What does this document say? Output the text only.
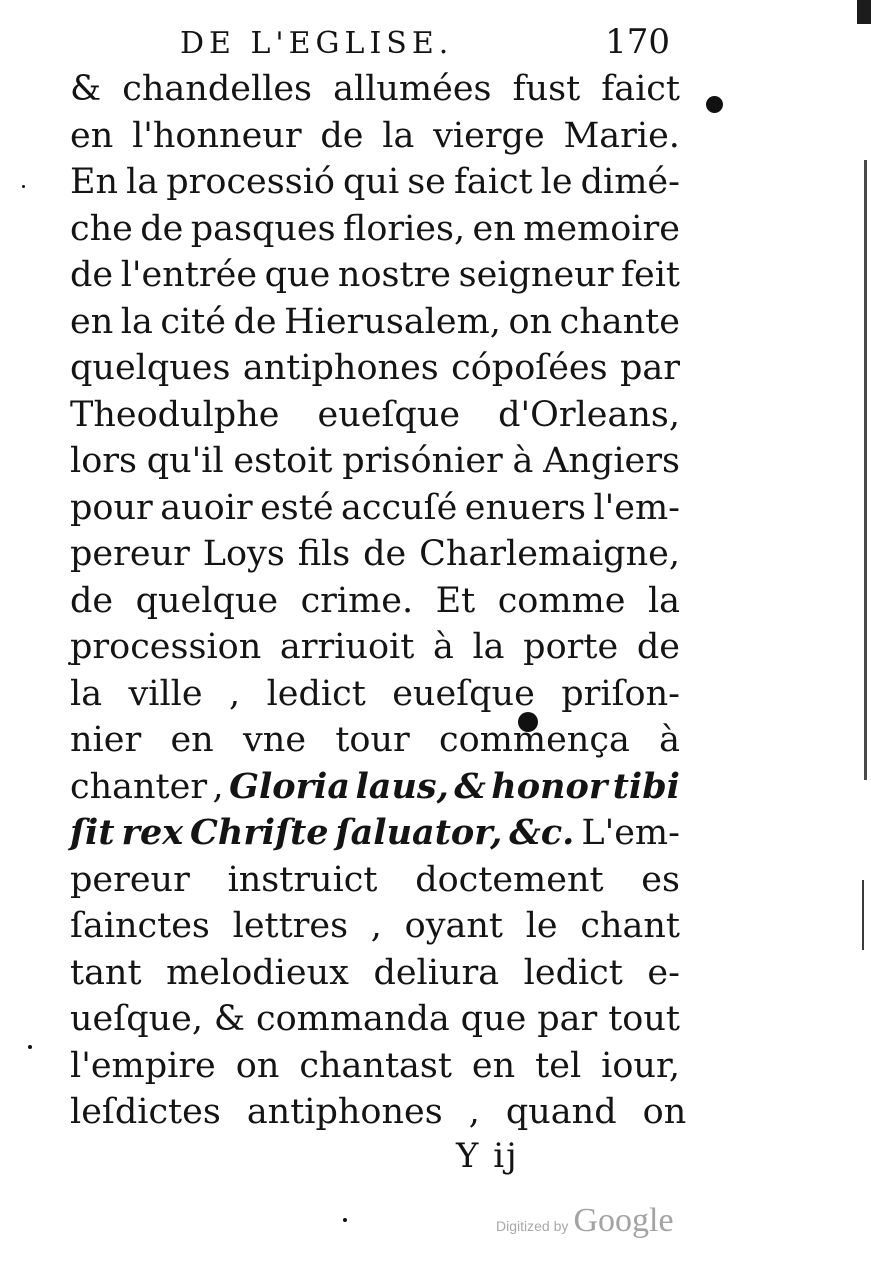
DE L'EGLISE.	170
& chandelles allumées fust faict
en l'honneur de la vierge Marie.
En la processió qui se faict le dimé-
che de pasques flories, en memoire
de l'entrée que nostre seigneur feit
en la cité de Hierusalem, on chante
quelques antiphones cópoſées par
Theodulphe eueſque d'Orleans,
lors qu'il estoit prisónier à Angiers
pour auoir esté accuſé enuers l'em-
pereur Loys fils de Charlemaigne,
de quelque crime. Et comme la
procession arriuoit à la porte de
la ville , ledict eueſque priſon-
nier en vne tour commença à
chanter , Gloria laus, & honor tibi
ſit rex Chriſte ſaluator, &c. L'em-
pereur instruict doctement es
ſainctes lettres , oyant le chant
tant melodieux deliura ledict e-
ueſque, & commanda que par tout
l'empire on chantast en tel iour,
leſdictes antiphones , quand on
Y ij
Digitized by Google
